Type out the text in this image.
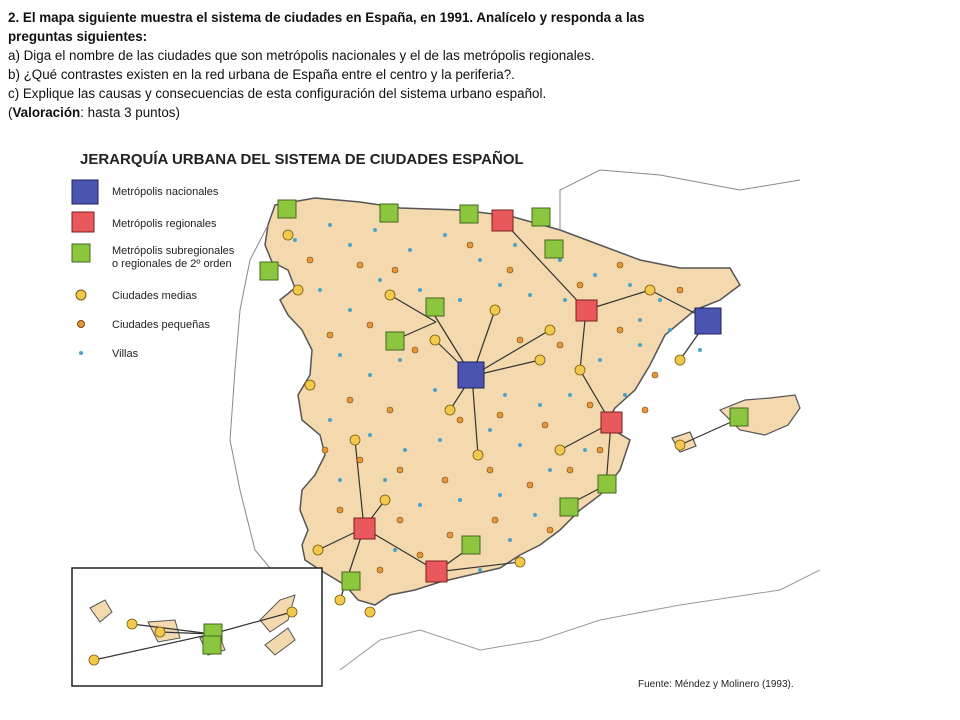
2. El mapa siguiente muestra el sistema de ciudades en España, en 1991. Analícelo y responda a las preguntas siguientes:

a) Diga el nombre de las ciudades que son metrópolis nacionales y el de las metrópolis regionales.

b) ¿Qué contrastes existen en la red urbana de España entre el centro y la periferia?.

c) Explique las causas y consecuencias de esta configuración del sistema urbano español.

(Valoración: hasta 3 puntos)

JERARQUÍA URBANA DEL SISTEMA DE CIUDADES ESPAÑOL
Metrópolis nacionales
Metrópolis regionales
Metrópolis subregionales
o regionales de 2º orden
Ciudades medias
Ciudades pequeñas
Villas
Fuente: Méndez y Molinero (1993).
